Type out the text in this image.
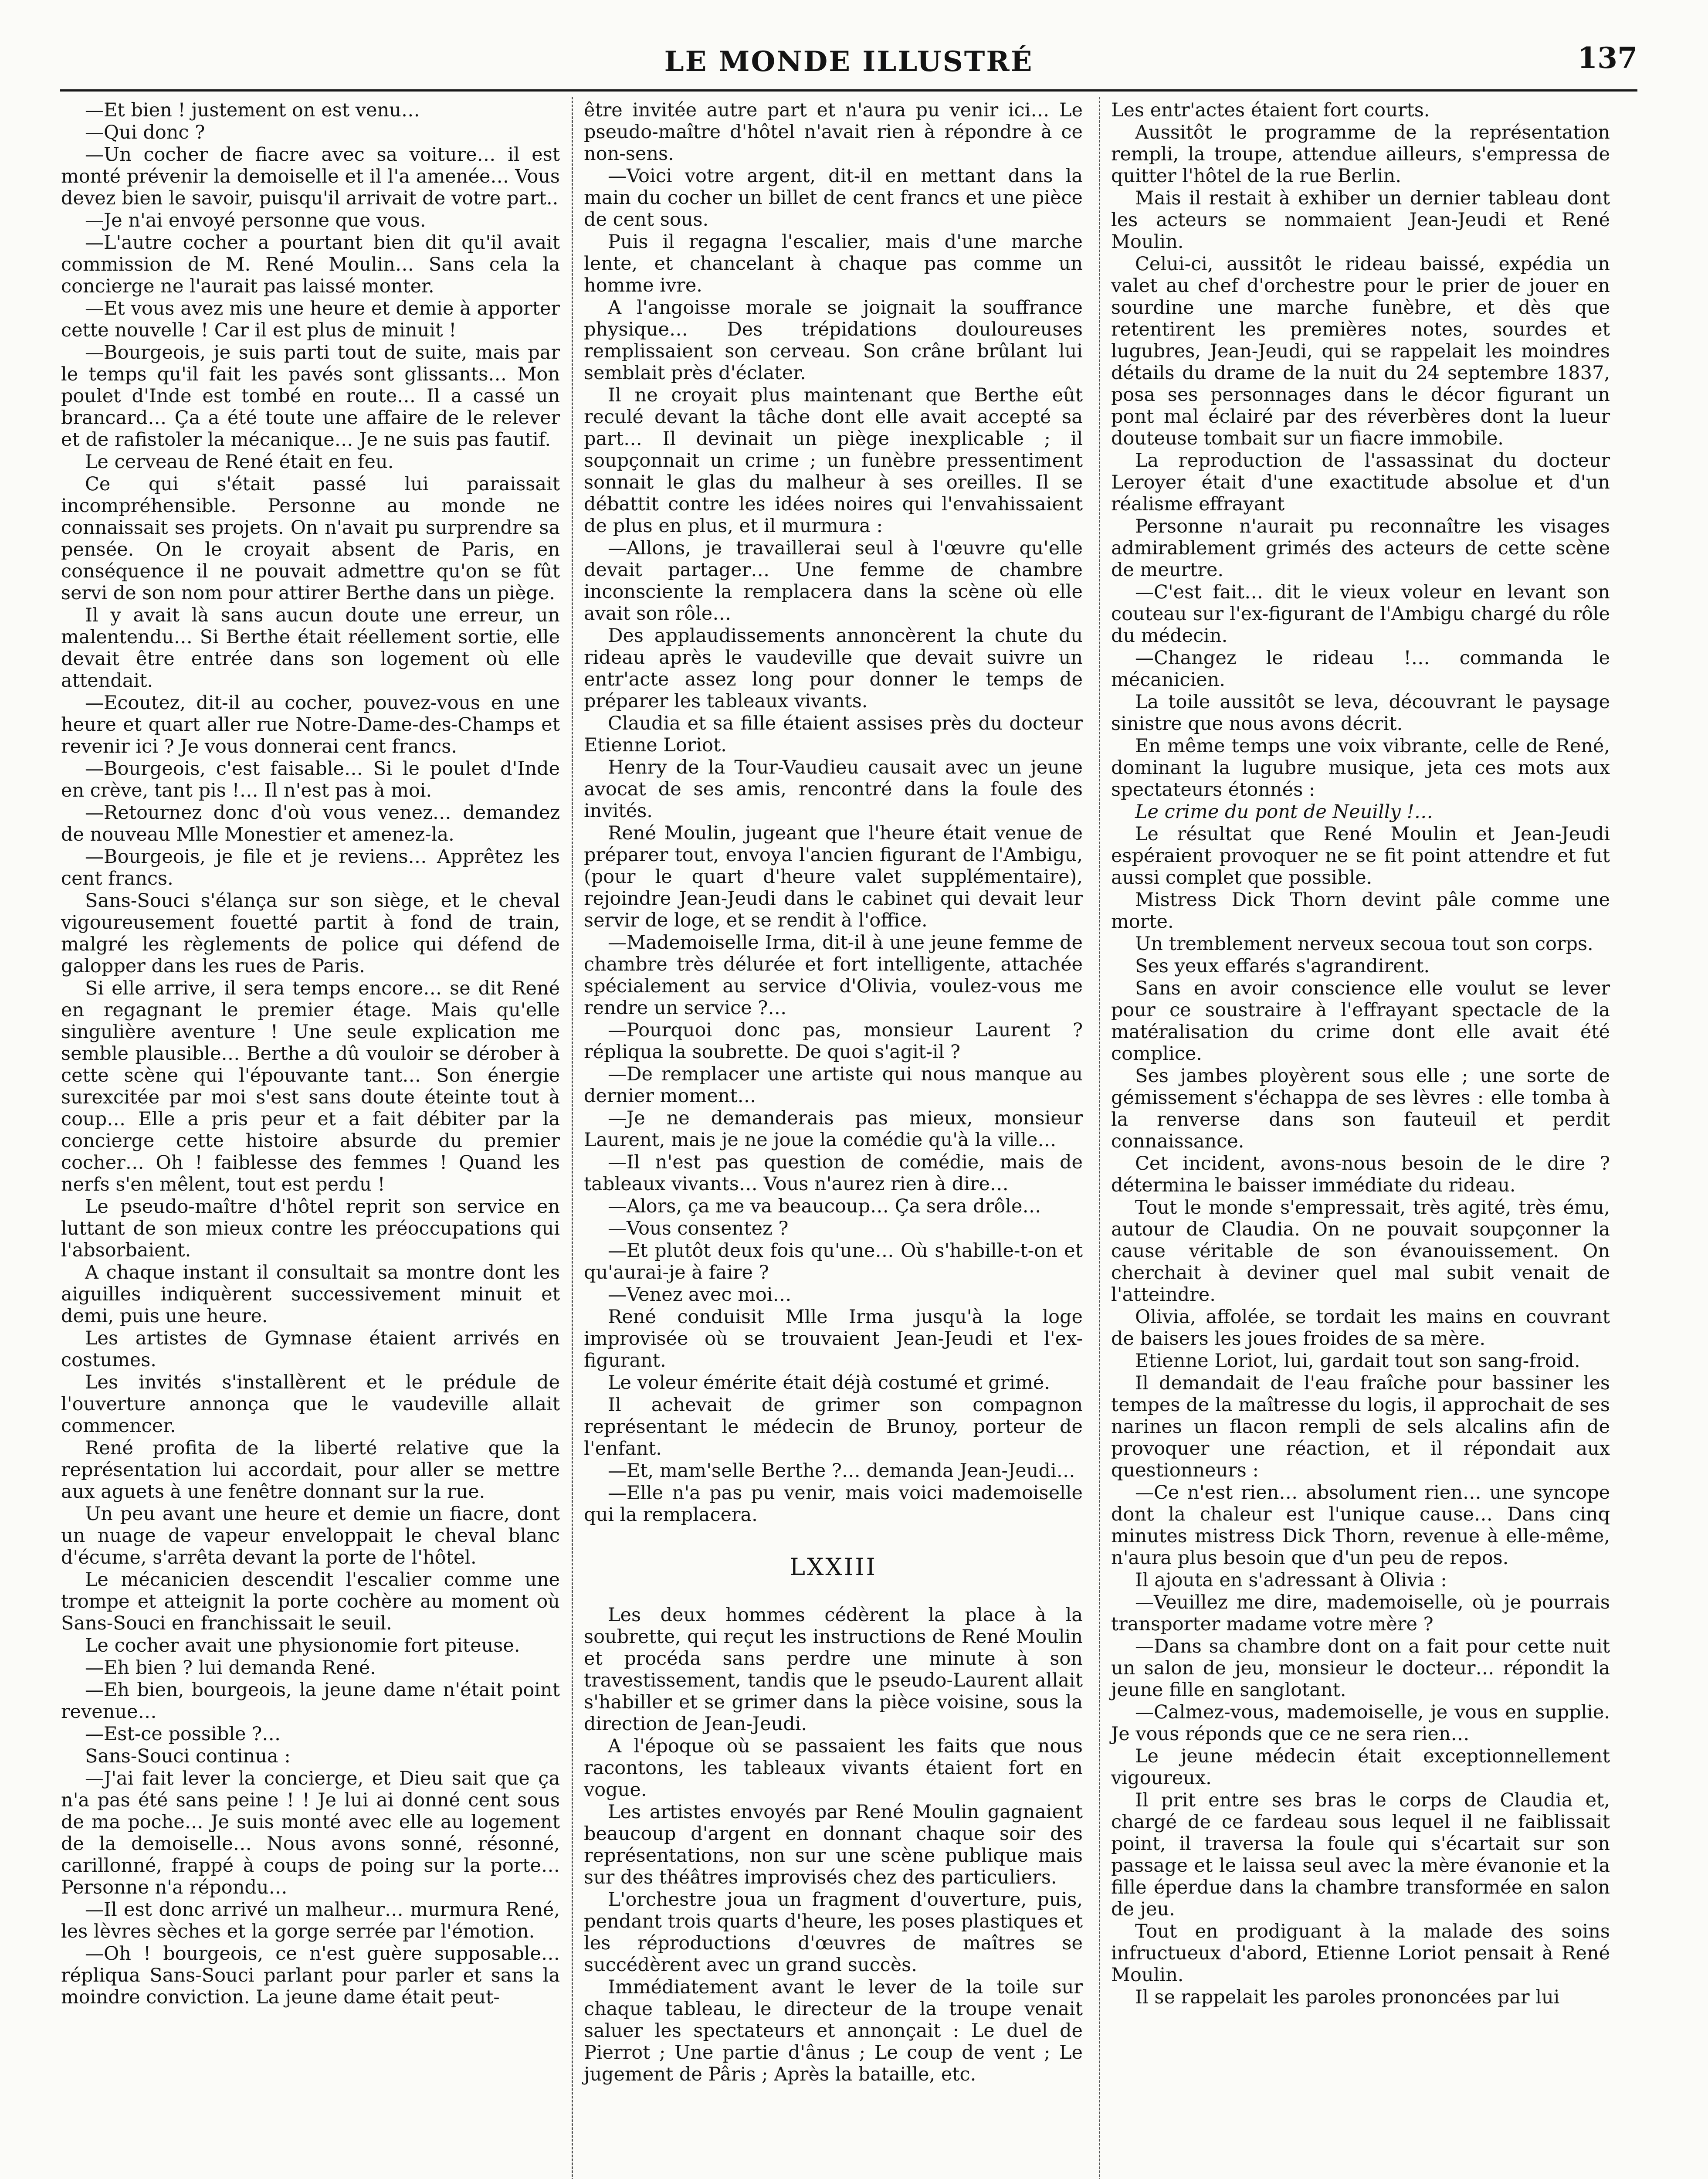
LE MONDE ILLUSTRÉ	137

—Et bien ! justement on est venu…

—Qui donc ?

—Un cocher de fiacre avec sa voiture… il est monté prévenir la demoiselle et il l'a amenée… Vous devez bien le savoir, puisqu'il arrivait de votre part..

—Je n'ai envoyé personne que vous.

—L'autre cocher a pourtant bien dit qu'il avait commission de M. René Moulin… Sans cela la concierge ne l'aurait pas laissé monter.

—Et vous avez mis une heure et demie à apporter cette nouvelle ! Car il est plus de minuit !

—Bourgeois, je suis parti tout de suite, mais par le temps qu'il fait les pavés sont glissants… Mon poulet d'Inde est tombé en route… Il a cassé un brancard… Ça a été toute une affaire de le relever et de rafistoler la mécanique… Je ne suis pas fautif.

Le cerveau de René était en feu.

Ce qui s'était passé lui paraissait incompréhensible. Personne au monde ne connaissait ses projets. On n'avait pu surprendre sa pensée. On le croyait absent de Paris, en conséquence il ne pouvait admettre qu'on se fût servi de son nom pour attirer Berthe dans un piège.

Il y avait là sans aucun doute une erreur, un malentendu… Si Berthe était réellement sortie, elle devait être entrée dans son logement où elle attendait.

—Ecoutez, dit-il au cocher, pouvez-vous en une heure et quart aller rue Notre-Dame-des-Champs et revenir ici ? Je vous donnerai cent francs.

—Bourgeois, c'est faisable… Si le poulet d'Inde en crève, tant pis !… Il n'est pas à moi.

—Retournez donc d'où vous venez… demandez de nouveau Mlle Monestier et amenez-la.

—Bourgeois, je file et je reviens… Apprêtez les cent francs.

Sans-Souci s'élança sur son siège, et le cheval vigoureusement fouetté partit à fond de train, malgré les règlements de police qui défend de galopper dans les rues de Paris.

Si elle arrive, il sera temps encore… se dit René en regagnant le premier étage. Mais qu'elle singulière aventure ! Une seule explication me semble plausible… Berthe a dû vouloir se dérober à cette scène qui l'épouvante tant… Son énergie surexcitée par moi s'est sans doute éteinte tout à coup… Elle a pris peur et a fait débiter par la concierge cette histoire absurde du premier cocher… Oh ! faiblesse des femmes ! Quand les nerfs s'en mêlent, tout est perdu !

Le pseudo-maître d'hôtel reprit son service en luttant de son mieux contre les préoccupations qui l'absorbaient.

A chaque instant il consultait sa montre dont les aiguilles indiquèrent successivement minuit et demi, puis une heure.

Les artistes de Gymnase étaient arrivés en costumes.

Les invités s'installèrent et le prédule de l'ouverture annonça que le vaudeville allait commencer.

René profita de la liberté relative que la représentation lui accordait, pour aller se mettre aux aguets à une fenêtre donnant sur la rue.

Un peu avant une heure et demie un fiacre, dont un nuage de vapeur enveloppait le cheval blanc d'écume, s'arrêta devant la porte de l'hôtel.

Le mécanicien descendit l'escalier comme une trompe et atteignit la porte cochère au moment où Sans-Souci en franchissait le seuil.

Le cocher avait une physionomie fort piteuse.

—Eh bien ? lui demanda René.

—Eh bien, bourgeois, la jeune dame n'était point revenue…

—Est-ce possible ?…

Sans-Souci continua :

—J'ai fait lever la concierge, et Dieu sait que ça n'a pas été sans peine ! ! Je lui ai donné cent sous de ma poche… Je suis monté avec elle au logement de la demoiselle… Nous avons sonné, résonné, carillonné, frappé à coups de poing sur la porte… Personne n'a répondu…

—Il est donc arrivé un malheur… murmura René, les lèvres sèches et la gorge serrée par l'émotion.

—Oh ! bourgeois, ce n'est guère supposable… répliqua Sans-Souci parlant pour parler et sans la moindre conviction. La jeune dame était peut-

être invitée autre part et n'aura pu venir ici… Le pseudo-maître d'hôtel n'avait rien à répondre à ce non-sens.

—Voici votre argent, dit-il en mettant dans la main du cocher un billet de cent francs et une pièce de cent sous.

Puis il regagna l'escalier, mais d'une marche lente, et chancelant à chaque pas comme un homme ivre.

A l'angoisse morale se joignait la souffrance physique… Des trépidations douloureuses remplissaient son cerveau. Son crâne brûlant lui semblait près d'éclater.

Il ne croyait plus maintenant que Berthe eût reculé devant la tâche dont elle avait accepté sa part… Il devinait un piège inexplicable ; il soupçonnait un crime ; un funèbre pressentiment sonnait le glas du malheur à ses oreilles. Il se débattit contre les idées noires qui l'envahissaient de plus en plus, et il murmura :

—Allons, je travaillerai seul à l'œuvre qu'elle devait partager… Une femme de chambre inconsciente la remplacera dans la scène où elle avait son rôle…

Des applaudissements annoncèrent la chute du rideau après le vaudeville que devait suivre un entr'acte assez long pour donner le temps de préparer les tableaux vivants.

Claudia et sa fille étaient assises près du docteur Etienne Loriot.

Henry de la Tour-Vaudieu causait avec un jeune avocat de ses amis, rencontré dans la foule des invités.

René Moulin, jugeant que l'heure était venue de préparer tout, envoya l'ancien figurant de l'Ambigu, (pour le quart d'heure valet supplémentaire), rejoindre Jean-Jeudi dans le cabinet qui devait leur servir de loge, et se rendit à l'office.

—Mademoiselle Irma, dit-il à une jeune femme de chambre très délurée et fort intelligente, attachée spécialement au service d'Olivia, voulez-vous me rendre un service ?…

—Pourquoi donc pas, monsieur Laurent ? répliqua la soubrette. De quoi s'agit-il ?

—De remplacer une artiste qui nous manque au dernier moment…

—Je ne demanderais pas mieux, monsieur Laurent, mais je ne joue la comédie qu'à la ville…

—Il n'est pas question de comédie, mais de tableaux vivants… Vous n'aurez rien à dire…

—Alors, ça me va beaucoup… Ça sera drôle…

—Vous consentez ?

—Et plutôt deux fois qu'une… Où s'habille-t-on et qu'aurai-je à faire ?

—Venez avec moi…

René conduisit Mlle Irma jusqu'à la loge improvisée où se trouvaient Jean-Jeudi et l'ex-figurant.

Le voleur émérite était déjà costumé et grimé.

Il achevait de grimer son compagnon représentant le médecin de Brunoy, porteur de l'enfant.

—Et, mam'selle Berthe ?… demanda Jean-Jeudi…

—Elle n'a pas pu venir, mais voici mademoiselle qui la remplacera.

LXXIII

Les deux hommes cédèrent la place à la soubrette, qui reçut les instructions de René Moulin et procéda sans perdre une minute à son travestissement, tandis que le pseudo-Laurent allait s'habiller et se grimer dans la pièce voisine, sous la direction de Jean-Jeudi.

A l'époque où se passaient les faits que nous racontons, les tableaux vivants étaient fort en vogue.

Les artistes envoyés par René Moulin gagnaient beaucoup d'argent en donnant chaque soir des représentations, non sur une scène publique mais sur des théâtres improvisés chez des particuliers.

L'orchestre joua un fragment d'ouverture, puis, pendant trois quarts d'heure, les poses plastiques et les réproductions d'œuvres de maîtres se succédèrent avec un grand succès.

Immédiatement avant le lever de la toile sur chaque tableau, le directeur de la troupe venait saluer les spectateurs et annonçait : Le duel de Pierrot ; Une partie d'ânus ; Le coup de vent ; Le jugement de Pâris ; Après la bataille, etc.

Les entr'actes étaient fort courts.

Aussitôt le programme de la représentation rempli, la troupe, attendue ailleurs, s'empressa de quitter l'hôtel de la rue Berlin.

Mais il restait à exhiber un dernier tableau dont les acteurs se nommaient Jean-Jeudi et René Moulin.

Celui-ci, aussitôt le rideau baissé, expédia un valet au chef d'orchestre pour le prier de jouer en sourdine une marche funèbre, et dès que retentirent les premières notes, sourdes et lugubres, Jean-Jeudi, qui se rappelait les moindres détails du drame de la nuit du 24 septembre 1837, posa ses personnages dans le décor figurant un pont mal éclairé par des réverbères dont la lueur douteuse tombait sur un fiacre immobile.

La reproduction de l'assassinat du docteur Leroyer était d'une exactitude absolue et d'un réalisme effrayant

Personne n'aurait pu reconnaître les visages admirablement grimés des acteurs de cette scène de meurtre.

—C'est fait… dit le vieux voleur en levant son couteau sur l'ex-figurant de l'Ambigu chargé du rôle du médecin.

—Changez le rideau !… commanda le mécanicien.

La toile aussitôt se leva, découvrant le paysage sinistre que nous avons décrit.

En même temps une voix vibrante, celle de René, dominant la lugubre musique, jeta ces mots aux spectateurs étonnés :

Le crime du pont de Neuilly !…

Le résultat que René Moulin et Jean-Jeudi espéraient provoquer ne se fit point attendre et fut aussi complet que possible.

Mistress Dick Thorn devint pâle comme une morte.

Un tremblement nerveux secoua tout son corps.

Ses yeux effarés s'agrandirent.

Sans en avoir conscience elle voulut se lever pour ce soustraire à l'effrayant spectacle de la matéralisation du crime dont elle avait été complice.

Ses jambes ployèrent sous elle ; une sorte de gémissement s'échappa de ses lèvres : elle tomba à la renverse dans son fauteuil et perdit connaissance.

Cet incident, avons-nous besoin de le dire ? détermina le baisser immédiate du rideau.

Tout le monde s'empressait, très agité, très ému, autour de Claudia. On ne pouvait soupçonner la cause véritable de son évanouissement. On cherchait à deviner quel mal subit venait de l'atteindre.

Olivia, affolée, se tordait les mains en couvrant de baisers les joues froides de sa mère.

Etienne Loriot, lui, gardait tout son sang-froid.

Il demandait de l'eau fraîche pour bassiner les tempes de la maîtresse du logis, il approchait de ses narines un flacon rempli de sels alcalins afin de provoquer une réaction, et il répondait aux questionneurs :

—Ce n'est rien… absolument rien… une syncope dont la chaleur est l'unique cause… Dans cinq minutes mistress Dick Thorn, revenue à elle-même, n'aura plus besoin que d'un peu de repos.

Il ajouta en s'adressant à Olivia :

—Veuillez me dire, mademoiselle, où je pourrais transporter madame votre mère ?

—Dans sa chambre dont on a fait pour cette nuit un salon de jeu, monsieur le docteur… répondit la jeune fille en sanglotant.

—Calmez-vous, mademoiselle, je vous en supplie. Je vous réponds que ce ne sera rien…

Le jeune médecin était exceptionnellement vigoureux.

Il prit entre ses bras le corps de Claudia et, chargé de ce fardeau sous lequel il ne faiblissait point, il traversa la foule qui s'écartait sur son passage et le laissa seul avec la mère évanonie et la fille éperdue dans la chambre transformée en salon de jeu.

Tout en prodiguant à la malade des soins infructueux d'abord, Etienne Loriot pensait à René Moulin.

Il se rappelait les paroles prononcées par lui
